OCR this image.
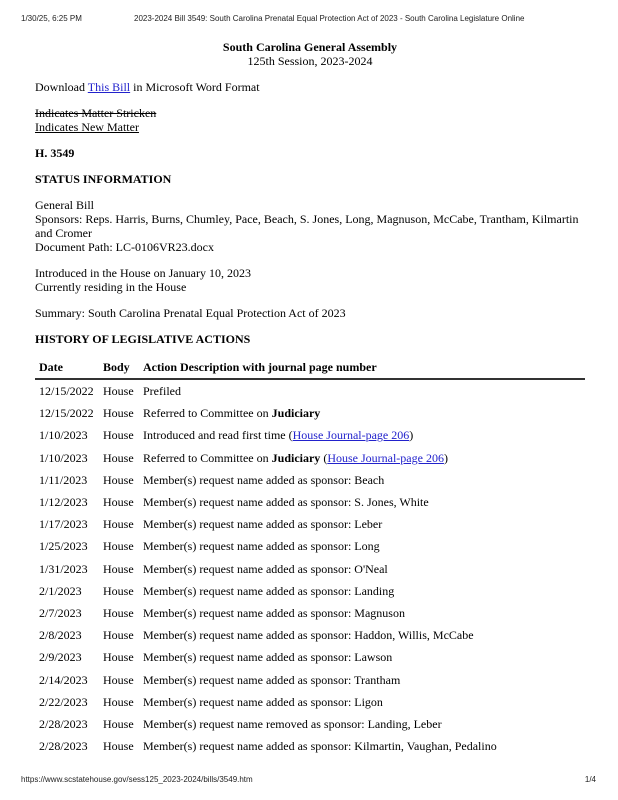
1/30/25, 6:25 PM	2023-2024 Bill 3549: South Carolina Prenatal Equal Protection Act of 2023 - South Carolina Legislature Online
South Carolina General Assembly
125th Session, 2023-2024

Download This Bill in Microsoft Word Format

Indicates Matter Stricken
Indicates New Matter

H. 3549
STATUS INFORMATION

General Bill
Sponsors: Reps. Harris, Burns, Chumley, Pace, Beach, S. Jones, Long, Magnuson, McCabe, Trantham, Kilmartin and Cromer
Document Path: LC-0106VR23.docx

Introduced in the House on January 10, 2023
Currently residing in the House

Summary: South Carolina Prenatal Equal Protection Act of 2023

HISTORY OF LEGISLATIVE ACTIONS
Date	Body	Action Description with journal page number
12/15/2022	House	Prefiled
12/15/2022	House	Referred to Committee on Judiciary
1/10/2023	House	Introduced and read first time (House Journal-page 206)
1/10/2023	House	Referred to Committee on Judiciary (House Journal-page 206)
1/11/2023	House	Member(s) request name added as sponsor: Beach
1/12/2023	House	Member(s) request name added as sponsor: S. Jones, White
1/17/2023	House	Member(s) request name added as sponsor: Leber
1/25/2023	House	Member(s) request name added as sponsor: Long
1/31/2023	House	Member(s) request name added as sponsor: O'Neal
2/1/2023	House	Member(s) request name added as sponsor: Landing
2/7/2023	House	Member(s) request name added as sponsor: Magnuson
2/8/2023	House	Member(s) request name added as sponsor: Haddon, Willis, McCabe
2/9/2023	House	Member(s) request name added as sponsor: Lawson
2/14/2023	House	Member(s) request name added as sponsor: Trantham
2/22/2023	House	Member(s) request name added as sponsor: Ligon
2/28/2023	House	Member(s) request name removed as sponsor: Landing, Leber
2/28/2023	House	Member(s) request name added as sponsor: Kilmartin, Vaughan, Pedalino
https://www.scstatehouse.gov/sess125_2023-2024/bills/3549.htm	1/4
